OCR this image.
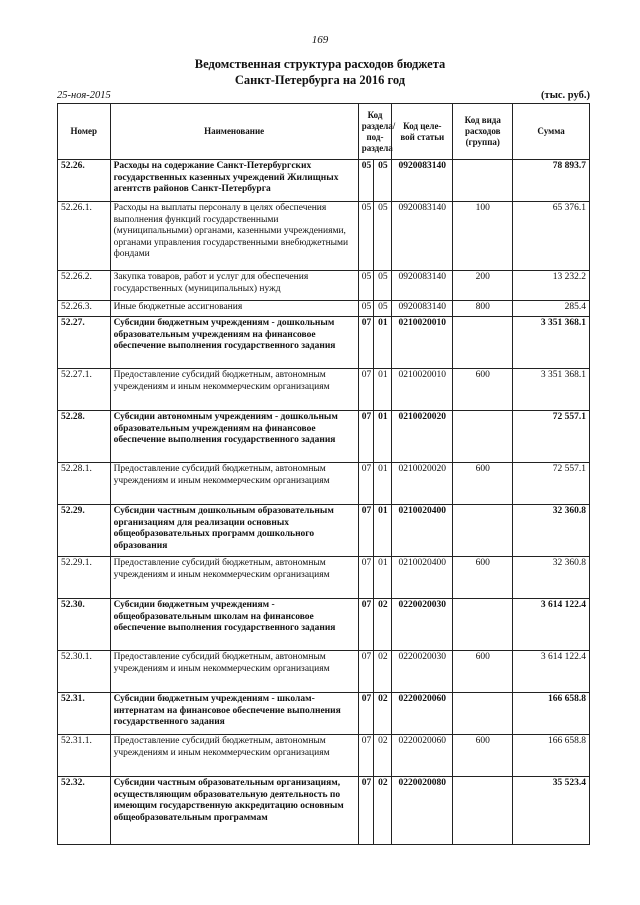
169
Ведомственная структура расходов бюджета
Санкт-Петербурга на 2016 год
25-ноя-2015	(тыс. руб.)
Номер	Наименование	Код раздела/ под- раздела		Код целе- вой статьи	Код вида расходов (группа)	Сумма
52.26.	Расходы на содержание Санкт-Петербургских государственных казенных учреждений Жилищных агентств районов Санкт-Петербурга	05	05	0920083140		78 893.7
52.26.1.	Расходы на выплаты персоналу в целях обеспечения выполнения функций государственными (муниципальными) органами, казенными учреждениями, органами управления государственными внебюджетными фондами	05	05	0920083140	100	65 376.1
52.26.2.	Закупка товаров, работ и услуг для обеспечения государственных (муниципальных) нужд	05	05	0920083140	200	13 232.2
52.26.3.	Иные бюджетные ассигнования	05	05	0920083140	800	285.4
52.27.	Субсидии бюджетным учреждениям - дошкольным образовательным учреждениям на финансовое обеспечение выполнения государственного задания	07	01	0210020010		3 351 368.1
52.27.1.	Предоставление субсидий бюджетным, автономным учреждениям и иным некоммерческим организациям	07	01	0210020010	600	3 351 368.1
52.28.	Субсидии автономным учреждениям - дошкольным образовательным учреждениям на финансовое обеспечение выполнения государственного задания	07	01	0210020020		72 557.1
52.28.1.	Предоставление субсидий бюджетным, автономным учреждениям и иным некоммерческим организациям	07	01	0210020020	600	72 557.1
52.29.	Субсидии частным дошкольным образовательным организациям для реализации основных общеобразовательных программ дошкольного образования	07	01	0210020400		32 360.8
52.29.1.	Предоставление субсидий бюджетным, автономным учреждениям и иным некоммерческим организациям	07	01	0210020400	600	32 360.8
52.30.	Субсидии бюджетным учреждениям - общеобразовательным школам на финансовое обеспечение выполнения государственного задания	07	02	0220020030		3 614 122.4
52.30.1.	Предоставление субсидий бюджетным, автономным учреждениям и иным некоммерческим организациям	07	02	0220020030	600	3 614 122.4
52.31.	Субсидии бюджетным учреждениям - школам-интернатам на финансовое обеспечение выполнения государственного задания	07	02	0220020060		166 658.8
52.31.1.	Предоставление субсидий бюджетным, автономным учреждениям и иным некоммерческим организациям	07	02	0220020060	600	166 658.8
52.32.	Субсидии частным образовательным организациям, осуществляющим образовательную деятельность по имеющим государственную аккредитацию основным общеобразовательным программам	07	02	0220020080		35 523.4
